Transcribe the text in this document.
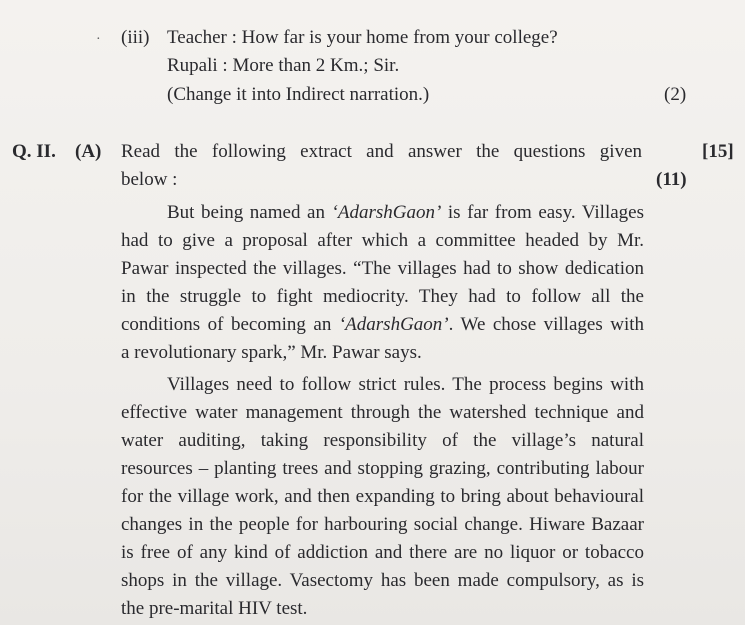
· (iii) Teacher : How far is your home from your college?
Rupali : More than 2 Km.; Sir.
(Change it into Indirect narration.)	(2)
Q. II. (A) Read the following extract and answer the questions given	[15]
below :	(11)
But being named an ‘AdarshGaon’ is far from easy. Villages
had to give a proposal after which a committee headed by Mr.
Pawar inspected the villages. “The villages had to show dedication
in the struggle to fight mediocrity. They had to follow all the
conditions of becoming an ‘AdarshGaon’. We chose villages with
a revolutionary spark,” Mr. Pawar says.
Villages need to follow strict rules. The process begins with
effective water management through the watershed technique and
water auditing, taking responsibility of the village’s natural
resources – planting trees and stopping grazing, contributing labour
for the village work, and then expanding to bring about behavioural
changes in the people for harbouring social change. Hiware Bazaar
is free of any kind of addiction and there are no liquor or tobacco
shops in the village. Vasectomy has been made compulsory, as is
the pre-marital HIV test.
